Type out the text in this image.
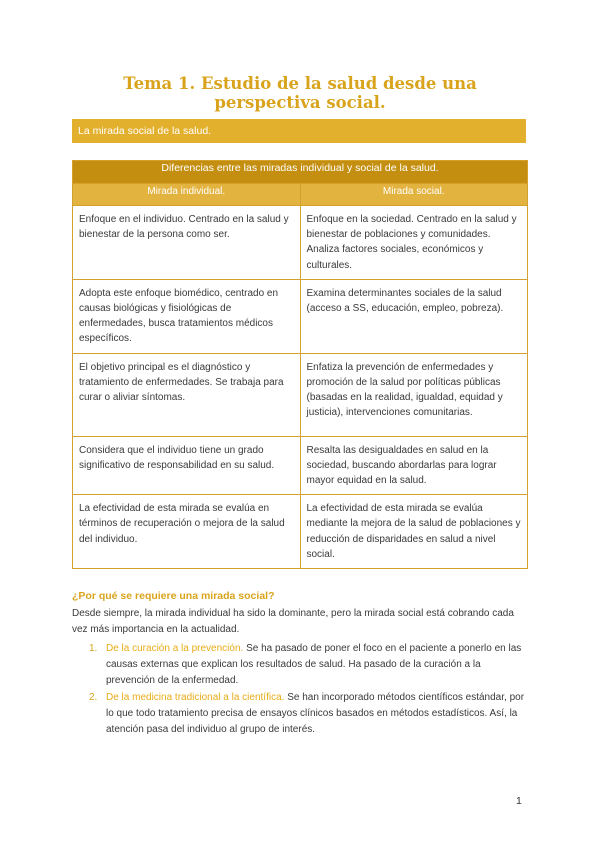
Tema 1. Estudio de la salud desde una perspectiva social.
La mirada social de la salud.
Diferencias entre las miradas individual y social de la salud.	
Mirada individual.	Mirada social.
Enfoque en el individuo. Centrado en la salud y bienestar de la persona como ser.	Enfoque en la sociedad. Centrado en la salud y bienestar de poblaciones y comunidades. Analiza factores sociales, económicos y culturales.
Adopta este enfoque biomédico, centrado en causas biológicas y fisiológicas de enfermedades, busca tratamientos médicos específicos.	Examina determinantes sociales de la salud (acceso a SS, educación, empleo, pobreza).
El objetivo principal es el diagnóstico y tratamiento de enfermedades. Se trabaja para curar o aliviar síntomas.	Enfatiza la prevención de enfermedades y promoción de la salud por políticas públicas (basadas en la realidad, igualdad, equidad y justicia), intervenciones comunitarias.
Considera que el individuo tiene un grado significativo de responsabilidad en su salud.	Resalta las desigualdades en salud en la sociedad, buscando abordarlas para lograr mayor equidad en la salud.
La efectividad de esta mirada se evalúa en términos de recuperación o mejora de la salud del individuo.	La efectividad de esta mirada se evalúa mediante la mejora de la salud de poblaciones y reducción de disparidades en salud a nivel social.
¿Por qué se requiere una mirada social?

Desde siempre, la mirada individual ha sido la dominante, pero la mirada social está cobrando cada vez más importancia en la actualidad.

1. De la curación a la prevención. Se ha pasado de poner el foco en el paciente a ponerlo en las causas externas que explican los resultados de salud. Ha pasado de la curación a la prevención de la enfermedad.
2. De la medicina tradicional a la científica. Se han incorporado métodos científicos estándar, por lo que todo tratamiento precisa de ensayos clínicos basados en métodos estadísticos. Así, la atención pasa del individuo al grupo de interés.
1
